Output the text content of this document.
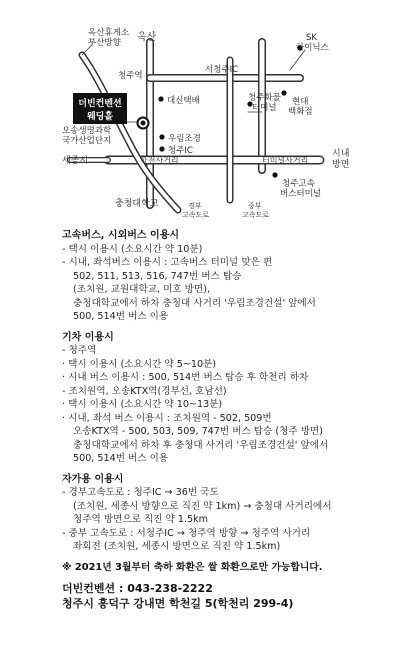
옥산휴게소
부산방향 옥산	SK
하이닉스
청주역
서청주IC
더빈컨벤션
웨딩홀
대신택배	청주화물
터미널
현대
백화점
오송생명과학
국가산업단지	우림조경
청주IC
세종시	학천사거리	터미널사거리
시내
방면
청주고속
버스터미널
충청대학교	경부
고속도로
중부
고속도로
고속버스, 시외버스 이용시
- 택시 이용시 (소요시간 약 10분)
- 시내, 좌석버스 이용시 : 고속버스 터미널 맞은 편
502, 511, 513, 516, 747번 버스 탑승
(조치원, 교원대학교, 미호 방면),
충청대학교에서 하차 충청대 사거리 '우림조경건설' 앞에서
500, 514번 버스 이용
기차 이용시
- 청주역
· 택시 이용시 (소요시간 약 5~10분)
· 시내 버스 이용시 : 500, 514번 버스 탑승 후 학천리 하차
- 조치원역, 오송KTX역(경부선, 호남선)
· 택시 이용시 (소요시간 약 10~13분)
· 시내, 좌석 버스 이용시 : 조치원역 - 502, 509번
오송KTX역 - 500, 503, 509, 747번 버스 탑승 (청주 방면)
충청대학교에서 하차 후 충청대 사거리 '우림조경건설' 앞에서
500, 514번 버스 이용
자가용 이용시
- 경부고속도로 : 청주IC → 36번 국도
(조치원, 세종시 방향으로 직진 약 1km) → 충청대 사거리에서
청주역 방면으로 직진 약 1.5km
- 중부 고속도로 : 서청주IC → 청주역 방향 → 청주역 사거리
좌회전 (조치원, 세종시 방면으로 직진 약 1.5km)
※ 2021년 3월부터 축하 화환은 쌀 화환으로만 가능합니다.
더빈컨벤션 : 043-238-2222
청주시 흥덕구 강내면 학천길 5(학천리 299-4)
